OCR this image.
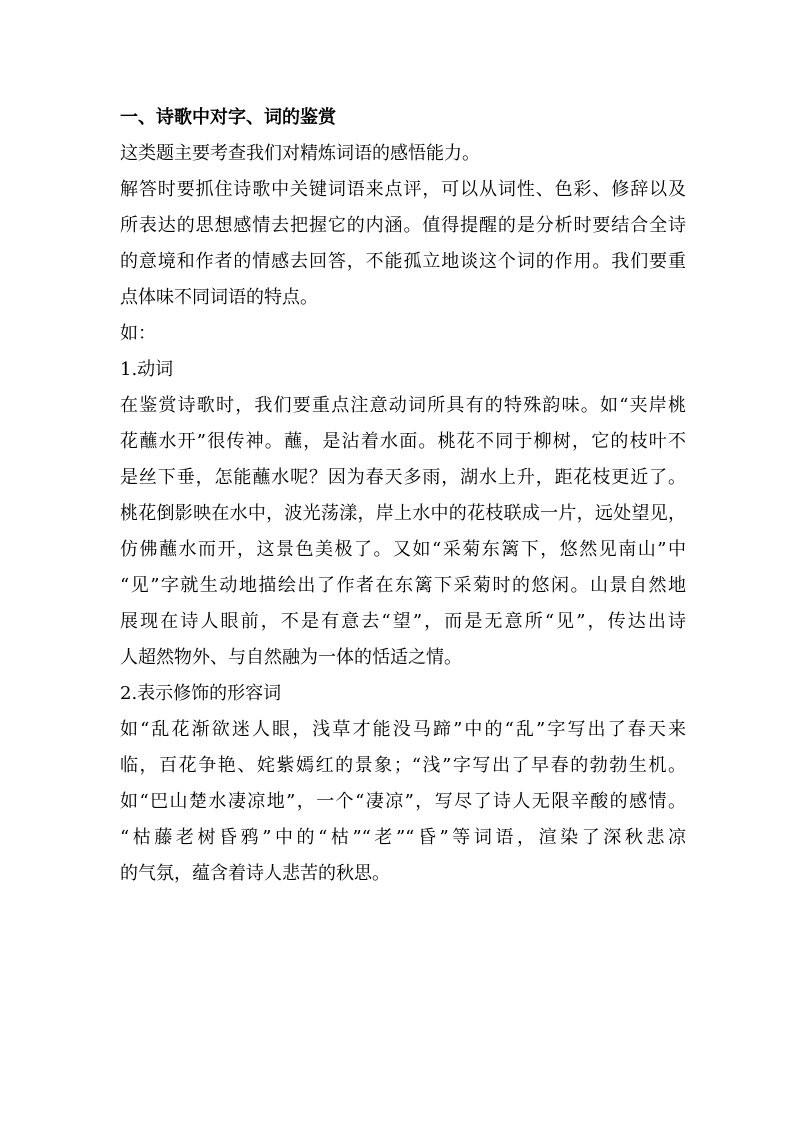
一、诗歌中对字、词的鉴赏
这类题主要考查我们对精炼词语的感悟能力。
解答时要抓住诗歌中关键词语来点评，可以从词性、色彩、修辞以及
所表达的思想感情去把握它的内涵。值得提醒的是分析时要结合全诗
的意境和作者的情感去回答，不能孤立地谈这个词的作用。我们要重
点体味不同词语的特点。
如：
1.动词
在鉴赏诗歌时，我们要重点注意动词所具有的特殊韵味。如“夹岸桃
花蘸水开”很传神。蘸，是沾着水面。桃花不同于柳树，它的枝叶不
是丝下垂，怎能蘸水呢？因为春天多雨，湖水上升，距花枝更近了。
桃花倒影映在水中，波光荡漾，岸上水中的花枝联成一片，远处望见，
仿佛蘸水而开，这景色美极了。又如“采菊东篱下，悠然见南山”中
“见”字就生动地描绘出了作者在东篱下采菊时的悠闲。山景自然地
展现在诗人眼前，不是有意去“望”，而是无意所“见”，传达出诗
人超然物外、与自然融为一体的恬适之情。
2.表示修饰的形容词
如“乱花渐欲迷人眼，浅草才能没马蹄”中的“乱”字写出了春天来
临，百花争艳、姹紫嫣红的景象；“浅”字写出了早春的勃勃生机。
如“巴山楚水凄凉地”，一个“凄凉”，写尽了诗人无限辛酸的感情。
“枯藤老树昏鸦”中的“枯”“老”“昏”等词语，渲染了深秋悲凉
的气氛，蕴含着诗人悲苦的秋思。
